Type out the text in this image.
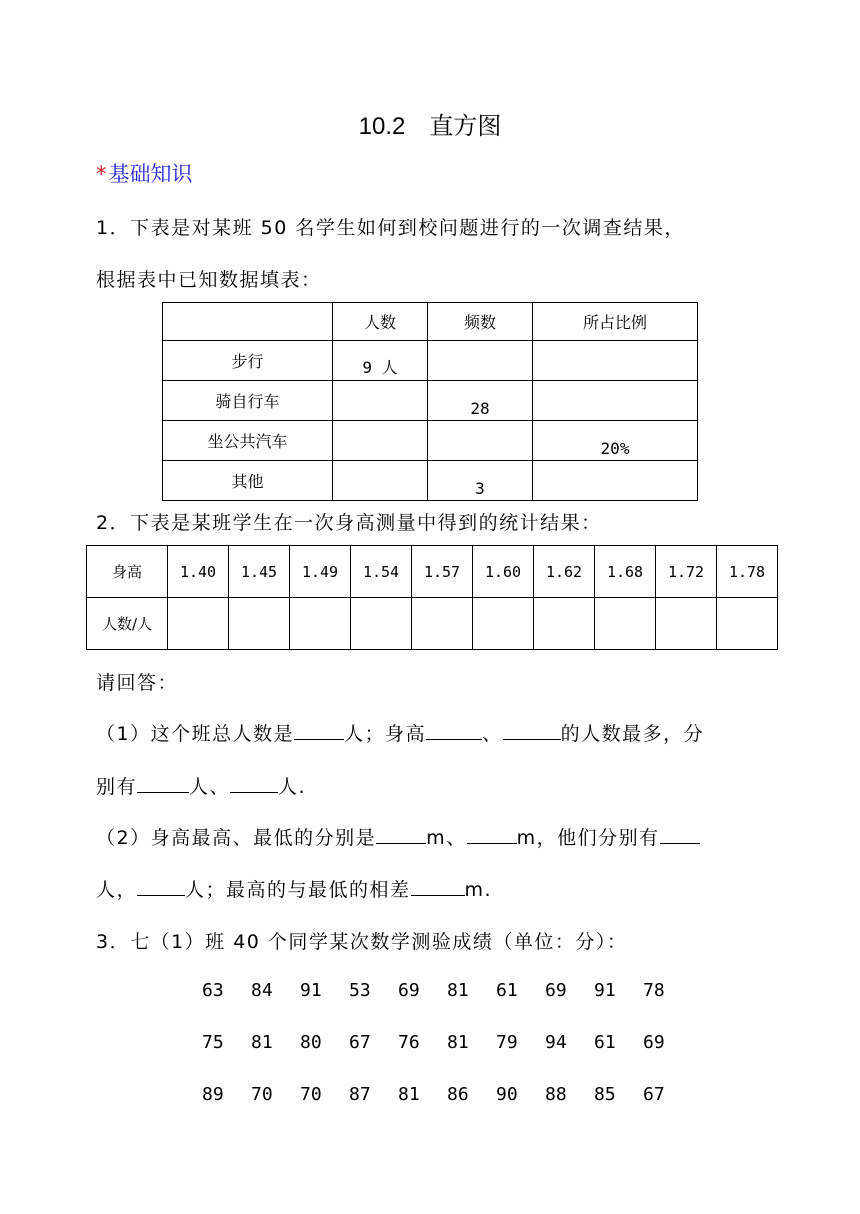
10.2 直方图
*基础知识
1．下表是对某班 50 名学生如何到校问题进行的一次调查结果，
根据表中已知数据填表：
	人数	频数	所占比例
步行	9 人		
骑自行车		28	
坐公共汽车			20%
其他		3	
2．下表是某班学生在一次身高测量中得到的统计结果：
身高	1.40	1.45	1.49	1.54	1.57	1.60	1.62	1.68	1.72	1.78
人数/人										
请回答：
（1）这个班总人数是	人；身高	、	的人数最多，分
别有	人、	人.
（2）身高最高、最低的分别是	m、	m，他们分别有
人，	人；最高的与最低的相差	m.
3．七（1）班 40 个同学某次数学测验成绩（单位：分）：
63 84 91 53 69 81 61 69 91 78
75 81 80 67 76 81 79 94 61 69
89 70 70 87 81 86 90 88 85 67
